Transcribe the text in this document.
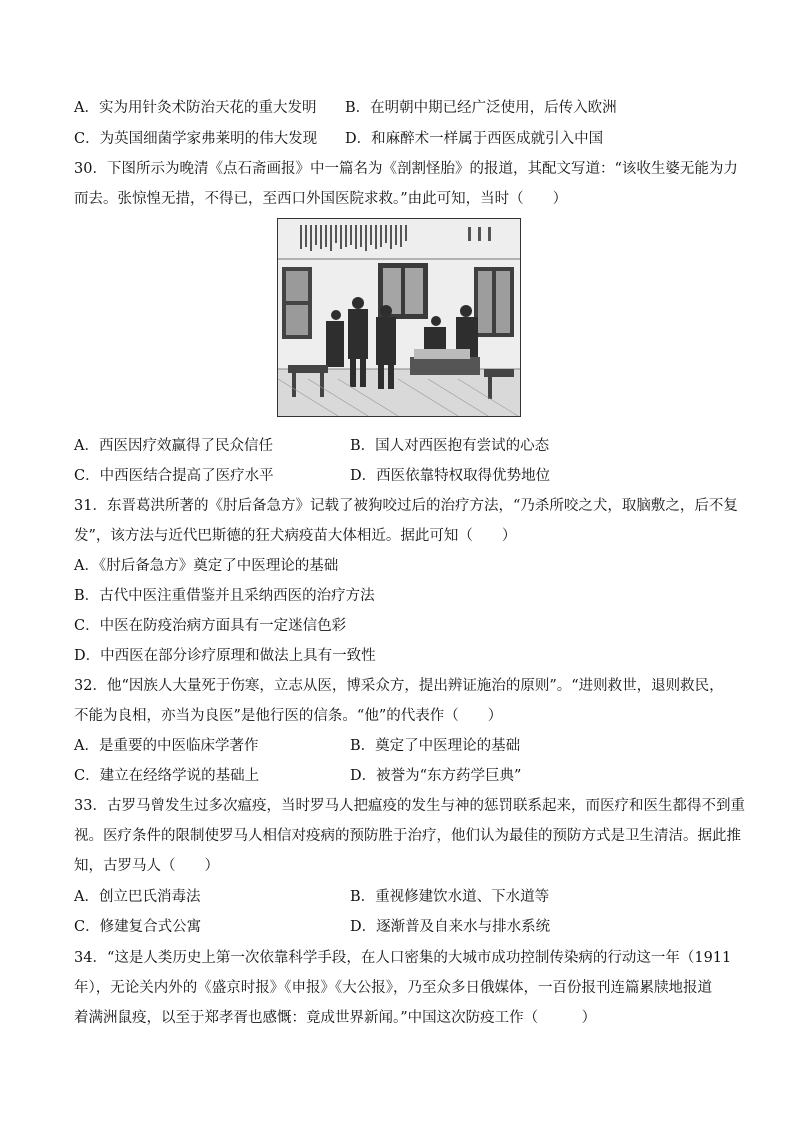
A．实为用针灸术防治天花的重大发明 B．在明朝中期已经广泛使用，后传入欧洲
C．为英国细菌学家弗莱明的伟大发现 D．和麻醉术一样属于西医成就引入中国
30．下图所示为晚清《点石斋画报》中一篇名为《剖割怪胎》的报道，其配文写道：“该收生婆无能为力
而去。张惊惶无措，不得已，至西口外国医院求救。”由此可知，当时（　　）
A．西医因疗效赢得了民众信任	B．国人对西医抱有尝试的心态
C．中西医结合提高了医疗水平	D．西医依靠特权取得优势地位
31．东晋葛洪所著的《肘后备急方》记载了被狗咬过后的治疗方法，“乃杀所咬之犬，取脑敷之，后不复
发”，该方法与近代巴斯德的狂犬病疫苗大体相近。据此可知（　　）
A．《肘后备急方》奠定了中医理论的基础
B．古代中医注重借鉴并且采纳西医的治疗方法
C．中医在防疫治病方面具有一定迷信色彩
D．中西医在部分诊疗原理和做法上具有一致性
32．他“因族人大量死于伤寒，立志从医，博采众方，提出辨证施治的原则”。“进则救世，退则救民，
不能为良相，亦当为良医”是他行医的信条。“他”的代表作（　　）
A．是重要的中医临床学著作	B．奠定了中医理论的基础
C．建立在经络学说的基础上	D．被誉为“东方药学巨典”
33．古罗马曾发生过多次瘟疫，当时罗马人把瘟疫的发生与神的惩罚联系起来，而医疗和医生都得不到重
视。医疗条件的限制使罗马人相信对疫病的预防胜于治疗，他们认为最佳的预防方式是卫生清洁。据此推
知，古罗马人（　　）
A．创立巴氏消毒法	B．重视修建饮水道、下水道等
C．修建复合式公寓	D．逐渐普及自来水与排水系统
34．“这是人类历史上第一次依靠科学手段，在人口密集的大城市成功控制传染病的行动这一年（1911
年），无论关内外的《盛京时报》《申报》《大公报》，乃至众多日俄媒体，一百份报刊连篇累牍地报道
着满洲鼠疫，以至于郑孝胥也感慨：竟成世界新闻。”中国这次防疫工作（　　　）
